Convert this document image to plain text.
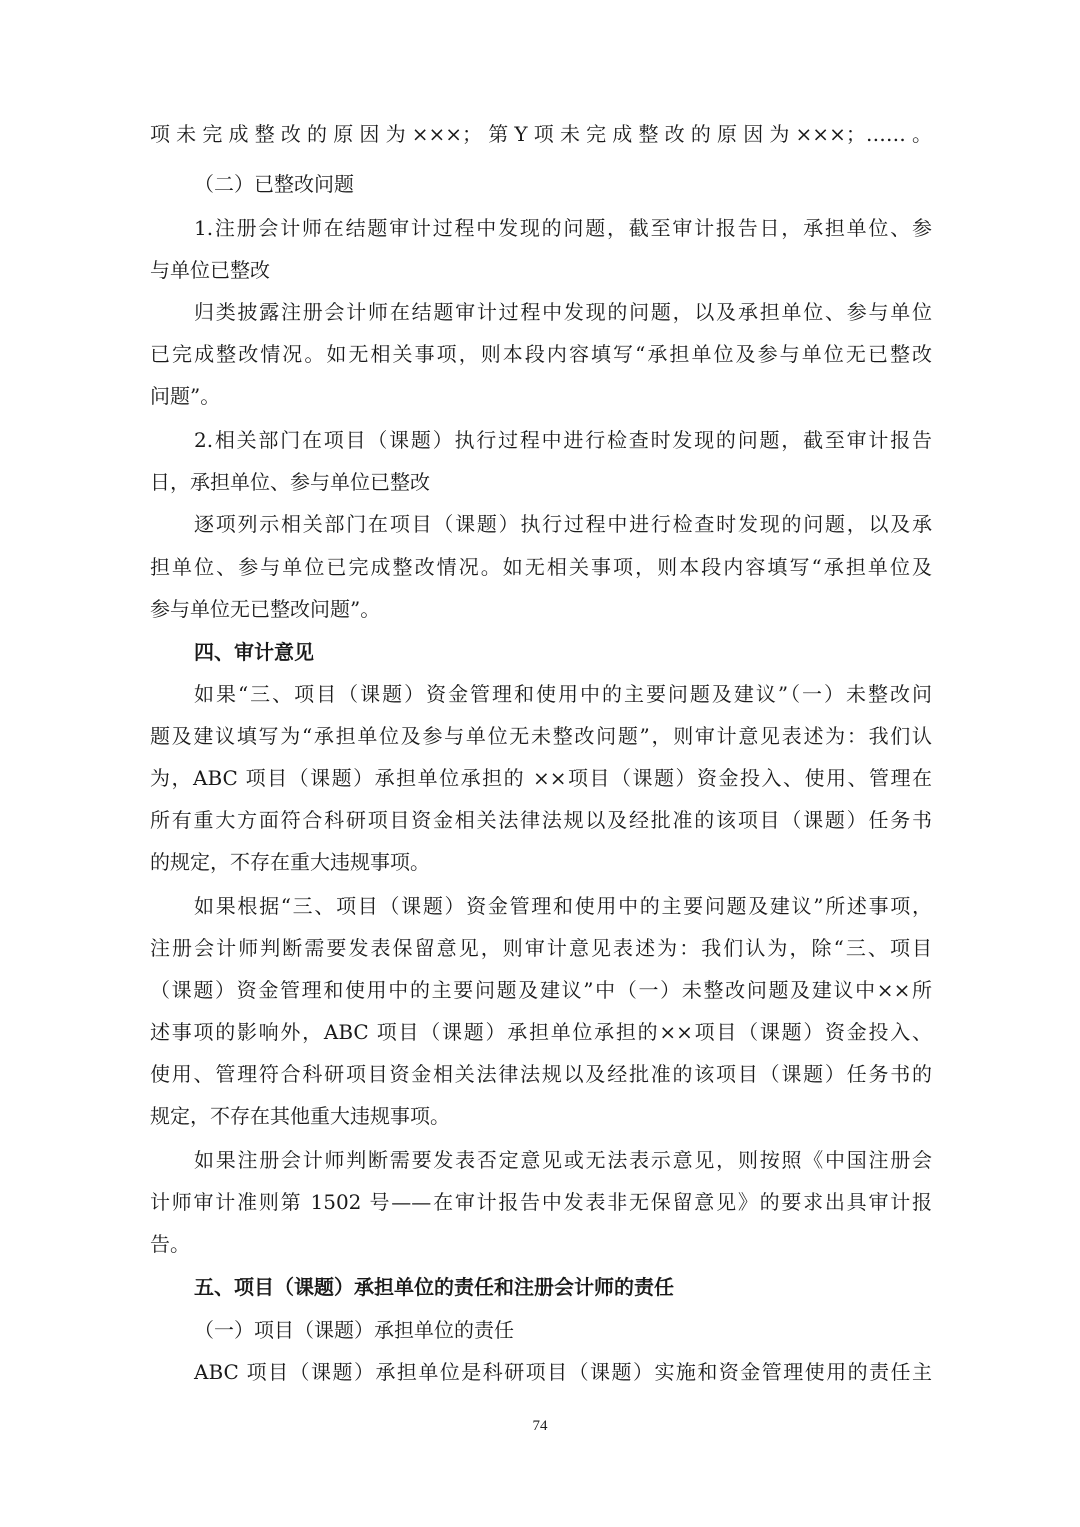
项未完成整改的原因为×××；第Y项未完成整改的原因为×××；……。
（二）已整改问题
1.注册会计师在结题审计过程中发现的问题，截至审计报告日，承担单位、参
与单位已整改
归类披露注册会计师在结题审计过程中发现的问题，以及承担单位、参与单位
已完成整改情况。如无相关事项，则本段内容填写“承担单位及参与单位无已整改
问题”。
2.相关部门在项目（课题）执行过程中进行检查时发现的问题，截至审计报告
日，承担单位、参与单位已整改
逐项列示相关部门在项目（课题）执行过程中进行检查时发现的问题，以及承
担单位、参与单位已完成整改情况。如无相关事项，则本段内容填写“承担单位及
参与单位无已整改问题”。
四、审计意见
如果“三、项目（课题）资金管理和使用中的主要问题及建议”（一）未整改问
题及建议填写为“承担单位及参与单位无未整改问题”，则审计意见表述为：我们认
为，ABC 项目（课题）承担单位承担的 ××项目（课题）资金投入、使用、管理在
所有重大方面符合科研项目资金相关法律法规以及经批准的该项目（课题）任务书
的规定，不存在重大违规事项。
如果根据“三、项目（课题）资金管理和使用中的主要问题及建议”所述事项，
注册会计师判断需要发表保留意见，则审计意见表述为：我们认为，除“三、项目
（课题）资金管理和使用中的主要问题及建议”中（一）未整改问题及建议中××所
述事项的影响外，ABC 项目（课题）承担单位承担的××项目（课题）资金投入、
使用、管理符合科研项目资金相关法律法规以及经批准的该项目（课题）任务书的
规定，不存在其他重大违规事项。
如果注册会计师判断需要发表否定意见或无法表示意见，则按照《中国注册会
计师审计准则第 1502 号——在审计报告中发表非无保留意见》的要求出具审计报
告。
五、项目（课题）承担单位的责任和注册会计师的责任
（一）项目（课题）承担单位的责任
ABC 项目（课题）承担单位是科研项目（课题）实施和资金管理使用的责任主
74
